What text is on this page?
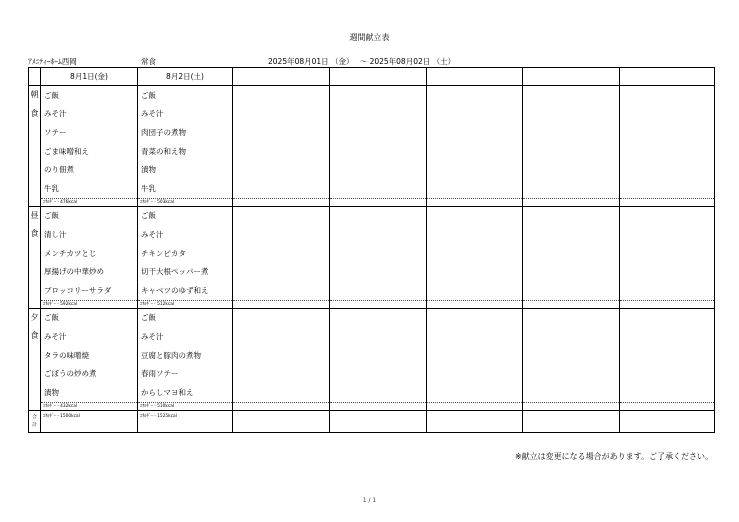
週間献立表
ｱﾒﾆﾃｨｰﾎｰﾑ西岡	常食	2025年08月01日 （金）　 ～ 2025年08月02日 （土）
	8月1日(金)	8月2日(土)					

朝
食	ご飯	ご飯					
	みそ汁	みそ汁					
	ソテー	肉団子の煮物					
	ごま味噌和え	青菜の和え物					
	のり佃煮	漬物					
	牛乳	牛乳					
	ｴﾈﾙｷﾞｰ・476kcal	ｴﾈﾙｷﾞｰ・503kcal					

昼
食	ご飯	ご飯					
	清し汁	みそ汁					
	メンチカツとじ	チキンピカタ					
	厚揚げの中華炒め	切干大根ペッパー煮					
	ブロッコリーサラダ	キャベツのゆず和え					
	ｴﾈﾙｷﾞｰ・592kcal	ｴﾈﾙｷﾞｰ・512kcal					

夕
食	ご飯	ご飯					
	みそ汁	みそ汁					
	タラの味噌焼	豆腐と豚肉の煮物					
	ごぼうの炒め煮	春雨ソテー					
	漬物	からしマヨ和え					
	ｴﾈﾙｷﾞｰ・432kcal	ｴﾈﾙｷﾞｰ・510kcal					

合
計	ｴﾈﾙｷﾞｰ・1500kcal	ｴﾈﾙｷﾞｰ・1525kcal					
※献立は変更になる場合があります。ご了承ください。
1 / 1
